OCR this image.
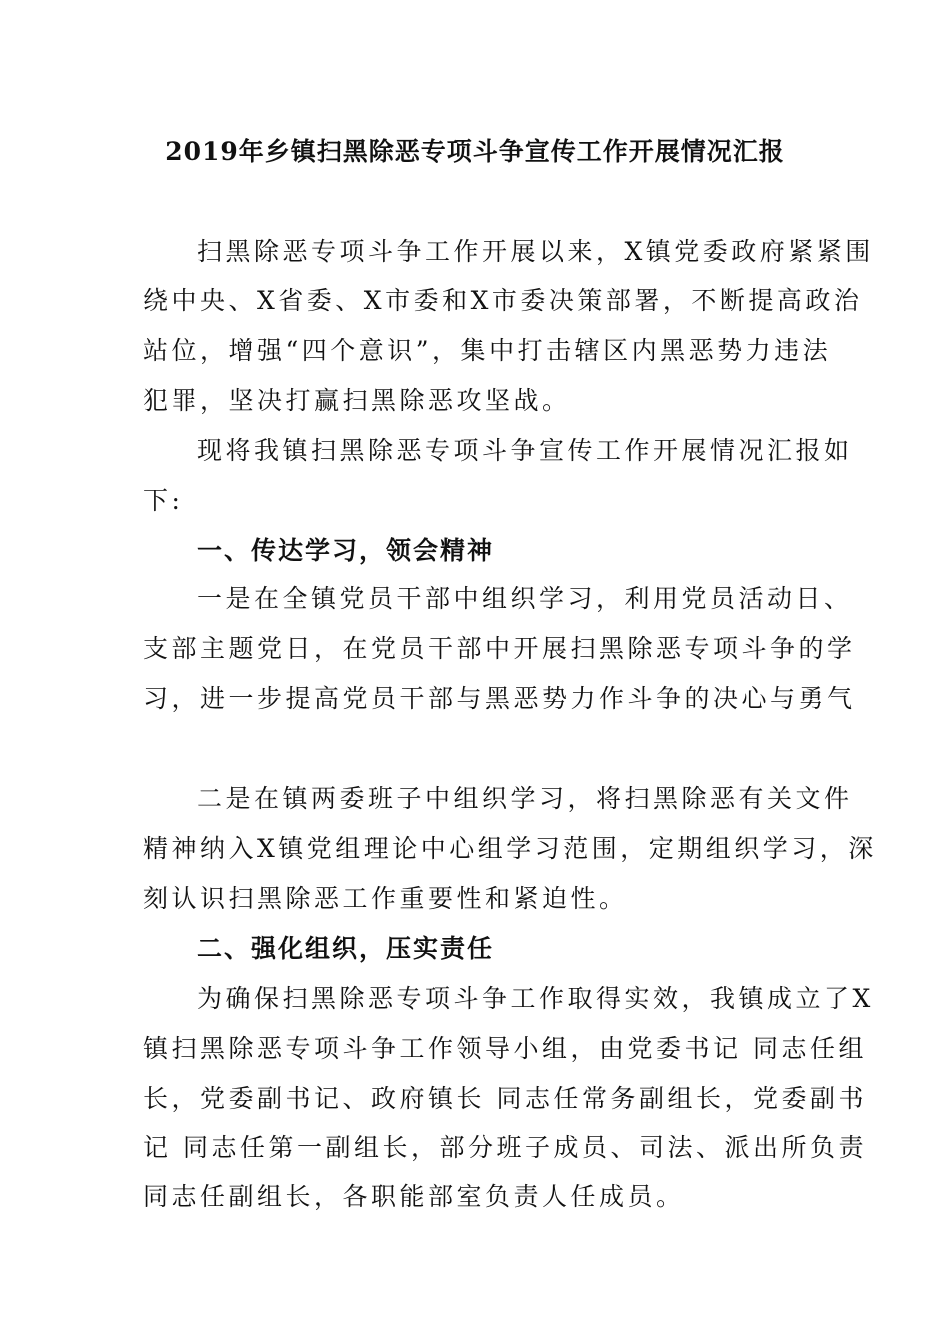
2019年乡镇扫黑除恶专项斗争宣传工作开展情况汇报
扫黑除恶专项斗争工作开展以来，X镇党委政府紧紧围
绕中央、X省委、X市委和X市委决策部署，不断提高政治
站位，增强“四个意识”，集中打击辖区内黑恶势力违法
犯罪，坚决打赢扫黑除恶攻坚战。
现将我镇扫黑除恶专项斗争宣传工作开展情况汇报如
下:
一、传达学习，领会精神
一是在全镇党员干部中组织学习，利用党员活动日、
支部主题党日，在党员干部中开展扫黑除恶专项斗争的学
习，进一步提高党员干部与黑恶势力作斗争的决心与勇气
二是在镇两委班子中组织学习，将扫黑除恶有关文件
精神纳入X镇党组理论中心组学习范围，定期组织学习，深
刻认识扫黑除恶工作重要性和紧迫性。
二、强化组织，压实责任
为确保扫黑除恶专项斗争工作取得实效，我镇成立了X
镇扫黑除恶专项斗争工作领导小组，由党委书记 同志任组
长，党委副书记、政府镇长 同志任常务副组长，党委副书
记 同志任第一副组长，部分班子成员、司法、派出所负责
同志任副组长，各职能部室负责人任成员。
